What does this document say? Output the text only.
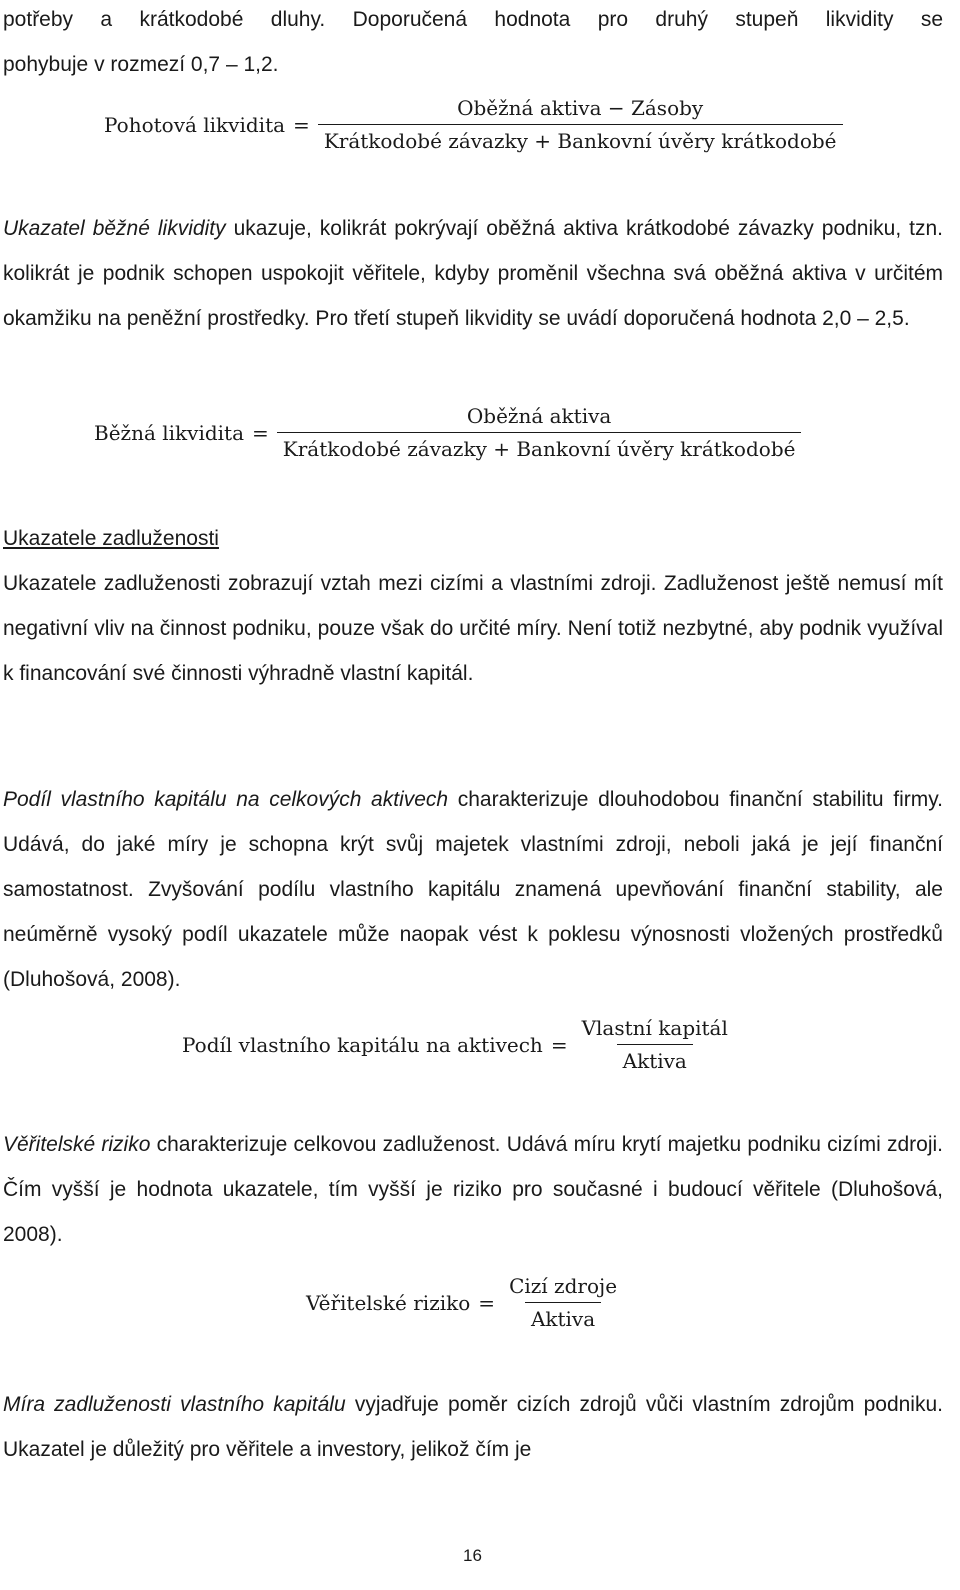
potřeby a krátkodobé dluhy. Doporučená hodnota pro druhý stupeň likvidity se
pohybuje v rozmezí 0,7 – 1,2.

Pohotová likvidita = $\frac{\text{Oběžná aktiva − Zásoby}}{\text{Krátkodobé závazky + Bankovní úvěry krátkodobé}}$

Ukazatel běžné likvidity ukazuje, kolikrát pokrývají oběžná aktiva krátkodobé závazky podniku, tzn. kolikrát je podnik schopen uspokojit věřitele, kdyby proměnil všechna svá oběžná aktiva v určitém okamžiku na peněžní prostředky. Pro třetí stupeň likvidity se uvádí doporučená hodnota 2,0 – 2,5.

Běžná likvidita = $\frac{\text{Oběžná aktiva}}{\text{Krátkodobé závazky + Bankovní úvěry krátkodobé}}$

Ukazatele zadluženosti

Ukazatele zadluženosti zobrazují vztah mezi cizími a vlastními zdroji. Zadluženost ještě nemusí mít negativní vliv na činnost podniku, pouze však do určité míry. Není totiž nezbytné, aby podnik využíval k financování své činnosti výhradně vlastní kapitál.

Podíl vlastního kapitálu na celkových aktivech charakterizuje dlouhodobou finanční stabilitu firmy. Udává, do jaké míry je schopna krýt svůj majetek vlastními zdroji, neboli jaká je její finanční samostatnost. Zvyšování podílu vlastního kapitálu znamená upevňování finanční stability, ale neúměrně vysoký podíl ukazatele může naopak vést k poklesu výnosnosti vložených prostředků (Dluhošová, 2008).

Podíl vlastního kapitálu na aktivech = $\frac{\text{Vlastní kapitál}}{\text{Aktiva}}$

Věřitelské riziko charakterizuje celkovou zadluženost. Udává míru krytí majetku podniku cizími zdroji. Čím vyšší je hodnota ukazatele, tím vyšší je riziko pro současné i budoucí věřitele (Dluhošová, 2008).

Věřitelské riziko = $\frac{\text{Cizí zdroje}}{\text{Aktiva}}$

Míra zadluženosti vlastního kapitálu vyjadřuje poměr cizích zdrojů vůči vlastním zdrojům podniku. Ukazatel je důležitý pro věřitele a investory, jelikož čím je

16
